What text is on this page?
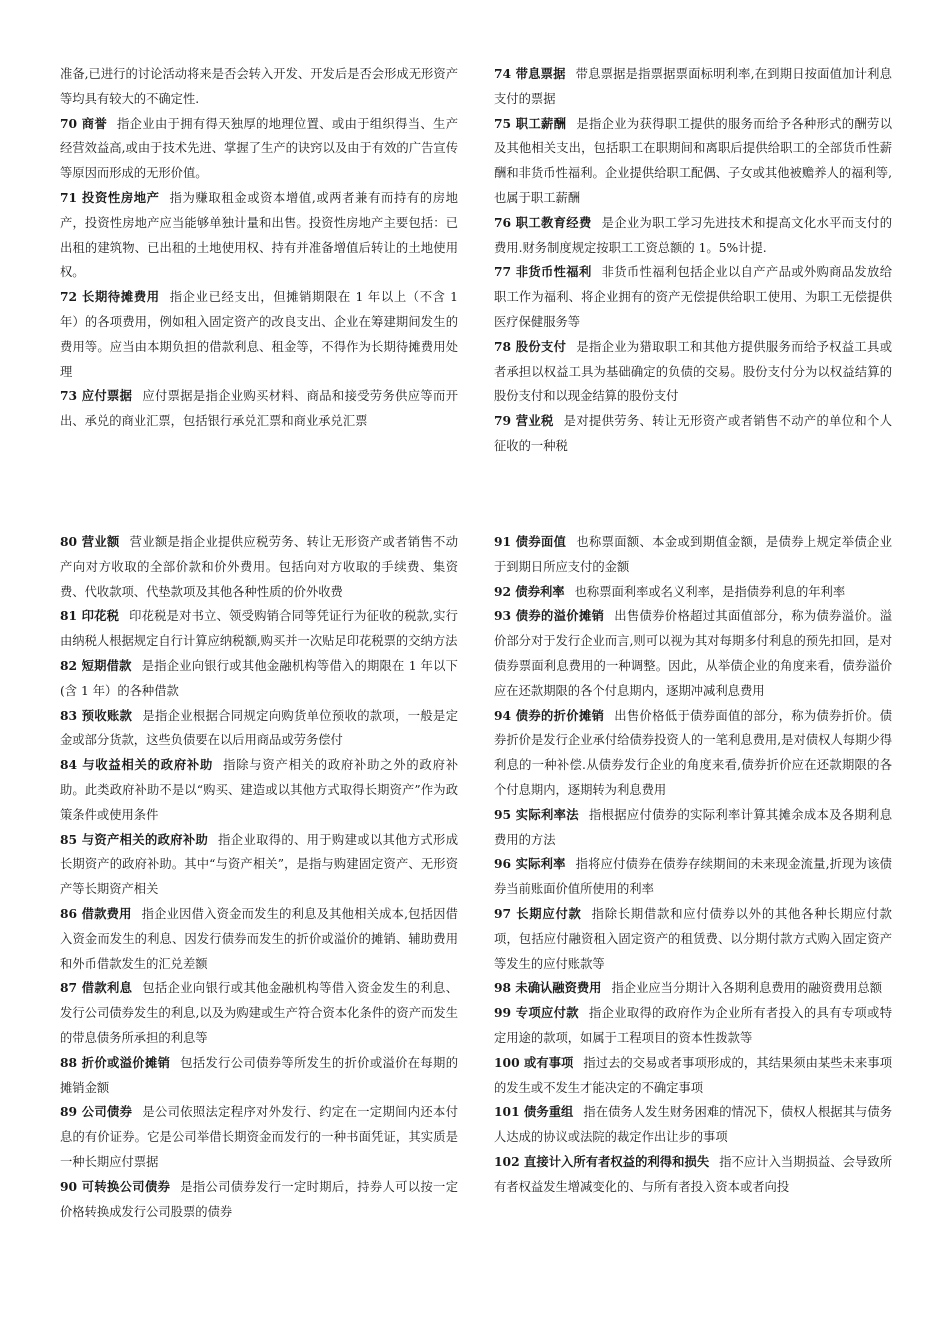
准备,已进行的讨论活动将来是否会转入开发、开发后是否会形成无形资产等均具有较大的不确定性.

70 商誉 指企业由于拥有得天独厚的地理位置、或由于组织得当、生产经营效益高,或由于技术先进、掌握了生产的诀窍以及由于有效的广告宣传等原因而形成的无形价值。

71 投资性房地产 指为赚取租金或资本增值,或两者兼有而持有的房地产，投资性房地产应当能够单独计量和出售。投资性房地产主要包括：已出租的建筑物、已出租的土地使用权、持有并准备增值后转让的土地使用权。

72 长期待摊费用 指企业已经支出，但摊销期限在 1 年以上（不含 1 年）的各项费用，例如租入固定资产的改良支出、企业在筹建期间发生的费用等。应当由本期负担的借款利息、租金等，不得作为长期待摊费用处理

73 应付票据 应付票据是指企业购买材料、商品和接受劳务供应等而开出、承兑的商业汇票，包括银行承兑汇票和商业承兑汇票

74 带息票据 带息票据是指票据票面标明利率,在到期日按面值加计利息支付的票据

75 职工薪酬 是指企业为获得职工提供的服务而给予各种形式的酬劳以及其他相关支出，包括职工在职期间和离职后提供给职工的全部货币性薪酬和非货币性福利。企业提供给职工配偶、子女或其他被赡养人的福利等,也属于职工薪酬

76 职工教育经费 是企业为职工学习先进技术和提高文化水平而支付的费用.财务制度规定按职工工资总额的 1。5%计提.

77 非货币性福利 非货币性福利包括企业以自产产品或外购商品发放给职工作为福利、将企业拥有的资产无偿提供给职工使用、为职工无偿提供医疗保健服务等

78 股份支付 是指企业为猎取职工和其他方提供服务而给予权益工具或者承担以权益工具为基础确定的负债的交易。股份支付分为以权益结算的股份支付和以现金结算的股份支付

79 营业税 是对提供劳务、转让无形资产或者销售不动产的单位和个人征收的一种税

80 营业额 营业额是指企业提供应税劳务、转让无形资产或者销售不动产向对方收取的全部价款和价外费用。包括向对方收取的手续费、集资费、代收款项、代垫款项及其他各种性质的价外收费

81 印花税 印花税是对书立、领受购销合同等凭证行为征收的税款,实行由纳税人根据规定自行计算应纳税额,购买并一次贴足印花税票的交纳方法

82 短期借款 是指企业向银行或其他金融机构等借入的期限在 1 年以下(含 1 年）的各种借款

83 预收账款 是指企业根据合同规定向购货单位预收的款项，一般是定金或部分货款，这些负债要在以后用商品或劳务偿付

84 与收益相关的政府补助 指除与资产相关的政府补助之外的政府补助。此类政府补助不是以“购买、建造或以其他方式取得长期资产”作为政策条件或使用条件

85 与资产相关的政府补助 指企业取得的、用于购建或以其他方式形成长期资产的政府补助。其中“与资产相关”，是指与购建固定资产、无形资产等长期资产相关

86 借款费用 指企业因借入资金而发生的利息及其他相关成本,包括因借入资金而发生的利息、因发行债券而发生的折价或溢价的摊销、辅助费用和外币借款发生的汇兑差额

87 借款利息 包括企业向银行或其他金融机构等借入资金发生的利息、发行公司债券发生的利息,以及为购建或生产符合资本化条件的资产而发生的带息债务所承担的利息等

88 折价或溢价摊销 包括发行公司债券等所发生的折价或溢价在每期的摊销金额

89 公司债券 是公司依照法定程序对外发行、约定在一定期间内还本付息的有价证券。它是公司举借长期资金而发行的一种书面凭证，其实质是一种长期应付票据

90 可转换公司债券 是指公司债券发行一定时期后，持券人可以按一定价格转换成发行公司股票的债券

91 债券面值 也称票面额、本金或到期值金额，是债券上规定举债企业于到期日所应支付的金额

92 债券利率 也称票面利率或名义利率，是指债券利息的年利率

93 债券的溢价摊销 出售债券价格超过其面值部分，称为债券溢价。溢价部分对于发行企业而言,则可以视为其对每期多付利息的预先扣回，是对债券票面利息费用的一种调整。因此，从举债企业的角度来看，债券溢价应在还款期限的各个付息期内，逐期冲减利息费用

94 债券的折价摊销 出售价格低于债券面值的部分，称为债券折价。债券折价是发行企业承付给债券投资人的一笔利息费用,是对债权人每期少得利息的一种补偿.从债券发行企业的角度来看,债券折价应在还款期限的各个付息期内，逐期转为利息费用

95 实际利率法 指根据应付债券的实际利率计算其摊余成本及各期利息费用的方法

96 实际利率 指将应付债券在债券存续期间的未来现金流量,折现为该债券当前账面价值所使用的利率

97 长期应付款 指除长期借款和应付债券以外的其他各种长期应付款项，包括应付融资租入固定资产的租赁费、以分期付款方式购入固定资产等发生的应付账款等

98 未确认融资费用 指企业应当分期计入各期利息费用的融资费用总额

99 专项应付款 指企业取得的政府作为企业所有者投入的具有专项或特定用途的款项，如属于工程项目的资本性拨款等

100 或有事项 指过去的交易或者事项形成的，其结果须由某些未来事项的发生或不发生才能决定的不确定事项

101 债务重组 指在债务人发生财务困难的情况下，债权人根据其与债务人达成的协议或法院的裁定作出让步的事项

102 直接计入所有者权益的利得和损失 指不应计入当期损益、会导致所有者权益发生增减变化的、与所有者投入资本或者向投
